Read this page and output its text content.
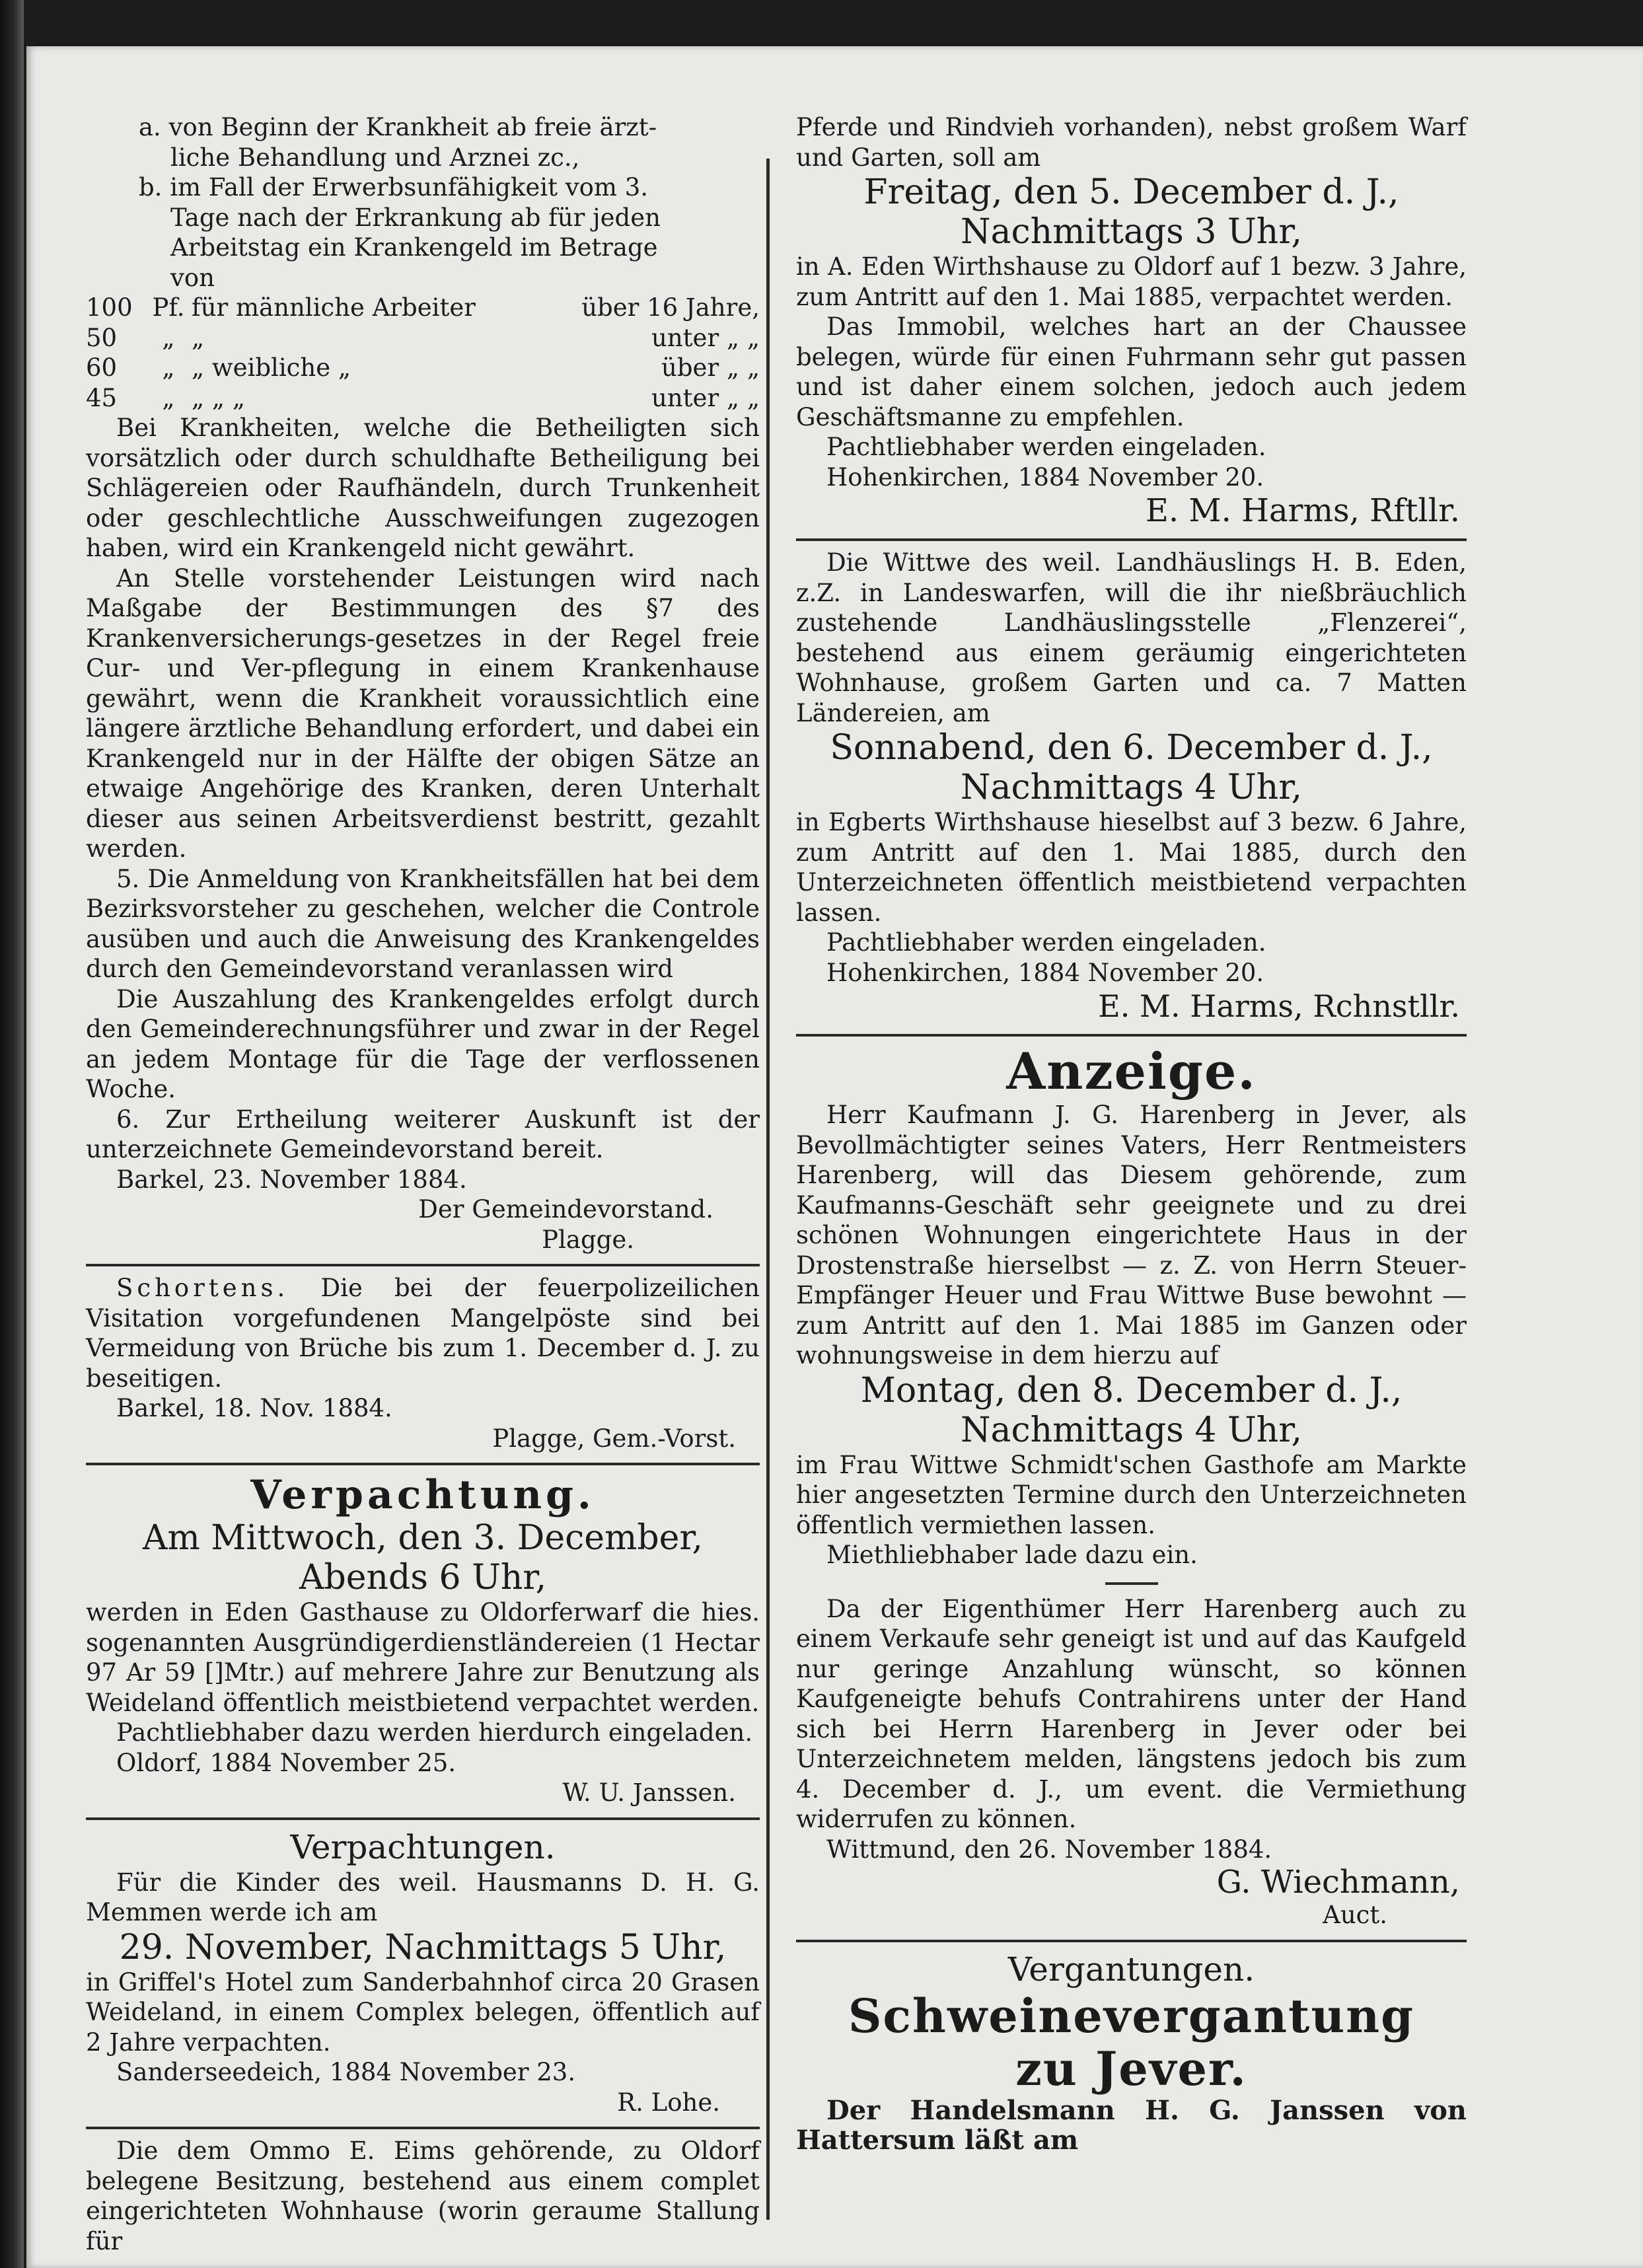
a. von Beginn der Krankheit ab freie ärzt-

liche Behandlung und Arznei zc.,

b. im Fall der Erwerbsunfähigkeit vom 3.

Tage nach der Erkrankung ab für jeden

Arbeitstag ein Krankengeld im Betrage

von

100	Pf.	für männliche Arbeiter	über 16 Jahre,
50	„	„	unter „ „
60	„	„ weibliche „	über „ „
45	„	„ „ „	unter „ „

Bei Krankheiten, welche die Betheiligten sich vorsätzlich oder durch schuldhafte Betheiligung bei Schlägereien oder Raufhändeln, durch Trunkenheit oder geschlechtliche Ausschweifungen zugezogen haben, wird ein Krankengeld nicht gewährt.

An Stelle vorstehender Leistungen wird nach Maßgabe der Bestimmungen des §7 des Krankenversicherungs-gesetzes in der Regel freie Cur- und Ver-pflegung in einem Krankenhause gewährt, wenn die Krankheit voraussichtlich eine längere ärztliche Behandlung erfordert, und dabei ein Krankengeld nur in der Hälfte der obigen Sätze an etwaige Angehörige des Kranken, deren Unterhalt dieser aus seinen Arbeitsverdienst bestritt, gezahlt werden.

5. Die Anmeldung von Krankheitsfällen hat bei dem Bezirksvorsteher zu geschehen, welcher die Controle ausüben und auch die Anweisung des Krankengeldes durch den Gemeindevorstand veranlassen wird

Die Auszahlung des Krankengeldes erfolgt durch den Gemeinderechnungsführer und zwar in der Regel an jedem Montage für die Tage der verflossenen Woche.

6. Zur Ertheilung weiterer Auskunft ist der unterzeichnete Gemeindevorstand bereit.

Barkel, 23. November 1884.

Der Gemeindevorstand.

Plagge.

Schortens. Die bei der feuerpolizeilichen Visitation vorgefundenen Mangelpöste sind bei Vermeidung von Brüche bis zum 1. December d. J. zu beseitigen.

Barkel, 18. Nov. 1884.

Plagge, Gem.-Vorst.

Verpachtung.

Am Mittwoch, den 3. December,

Abends 6 Uhr,

werden in Eden Gasthause zu Oldorferwarf die hies. sogenannten Ausgründigerdienstländereien (1 Hectar 97 Ar 59 []Mtr.) auf mehrere Jahre zur Benutzung als Weideland öffentlich meistbietend verpachtet werden.

Pachtliebhaber dazu werden hierdurch eingeladen.

Oldorf, 1884 November 25.

W. U. Janssen.

Verpachtungen.

Für die Kinder des weil. Hausmanns D. H. G. Memmen werde ich am

29. November, Nachmittags 5 Uhr,

in Griffel's Hotel zum Sanderbahnhof circa 20 Grasen Weideland, in einem Complex belegen, öffentlich auf 2 Jahre verpachten.

Sanderseedeich, 1884 November 23.

R. Lohe.

Die dem Ommo E. Eims gehörende, zu Oldorf belegene Besitzung, bestehend aus einem complet eingerichteten Wohnhause (worin geraume Stallung für

Pferde und Rindvieh vorhanden), nebst großem Warf und Garten, soll am

Freitag, den 5. December d. J.,

Nachmittags 3 Uhr,

in A. Eden Wirthshause zu Oldorf auf 1 bezw. 3 Jahre, zum Antritt auf den 1. Mai 1885, verpachtet werden.

Das Immobil, welches hart an der Chaussee belegen, würde für einen Fuhrmann sehr gut passen und ist daher einem solchen, jedoch auch jedem Geschäftsmanne zu empfehlen.

Pachtliebhaber werden eingeladen.

Hohenkirchen, 1884 November 20.

E. M. Harms, Rftllr.

Die Wittwe des weil. Landhäuslings H. B. Eden, z.Z. in Landeswarfen, will die ihr nießbräuchlich zustehende Landhäuslingsstelle „Flenzerei“, bestehend aus einem geräumig eingerichteten Wohnhause, großem Garten und ca. 7 Matten Ländereien, am

Sonnabend, den 6. December d. J.,

Nachmittags 4 Uhr,

in Egberts Wirthshause hieselbst auf 3 bezw. 6 Jahre, zum Antritt auf den 1. Mai 1885, durch den Unterzeichneten öffentlich meistbietend verpachten lassen.

Pachtliebhaber werden eingeladen.

Hohenkirchen, 1884 November 20.

E. M. Harms, Rchnstllr.

Anzeige.

Herr Kaufmann J. G. Harenberg in Jever, als Bevollmächtigter seines Vaters, Herr Rentmeisters Harenberg, will das Diesem gehörende, zum Kaufmanns-Geschäft sehr geeignete und zu drei schönen Wohnungen eingerichtete Haus in der Drostenstraße hierselbst — z. Z. von Herrn Steuer-Empfänger Heuer und Frau Wittwe Buse bewohnt — zum Antritt auf den 1. Mai 1885 im Ganzen oder wohnungsweise in dem hierzu auf

Montag, den 8. December d. J.,

Nachmittags 4 Uhr,

im Frau Wittwe Schmidt'schen Gasthofe am Markte hier angesetzten Termine durch den Unterzeichneten öffentlich vermiethen lassen.

Miethliebhaber lade dazu ein.

Da der Eigenthümer Herr Harenberg auch zu einem Verkaufe sehr geneigt ist und auf das Kaufgeld nur geringe Anzahlung wünscht, so können Kaufgeneigte behufs Contrahirens unter der Hand sich bei Herrn Harenberg in Jever oder bei Unterzeichnetem melden, längstens jedoch bis zum 4. December d. J., um event. die Vermiethung widerrufen zu können.

Wittmund, den 26. November 1884.

G. Wiechmann,

Auct.

Vergantungen.

Schweinevergantung

zu Jever.

Der Handelsmann H. G. Janssen von Hattersum läßt am
